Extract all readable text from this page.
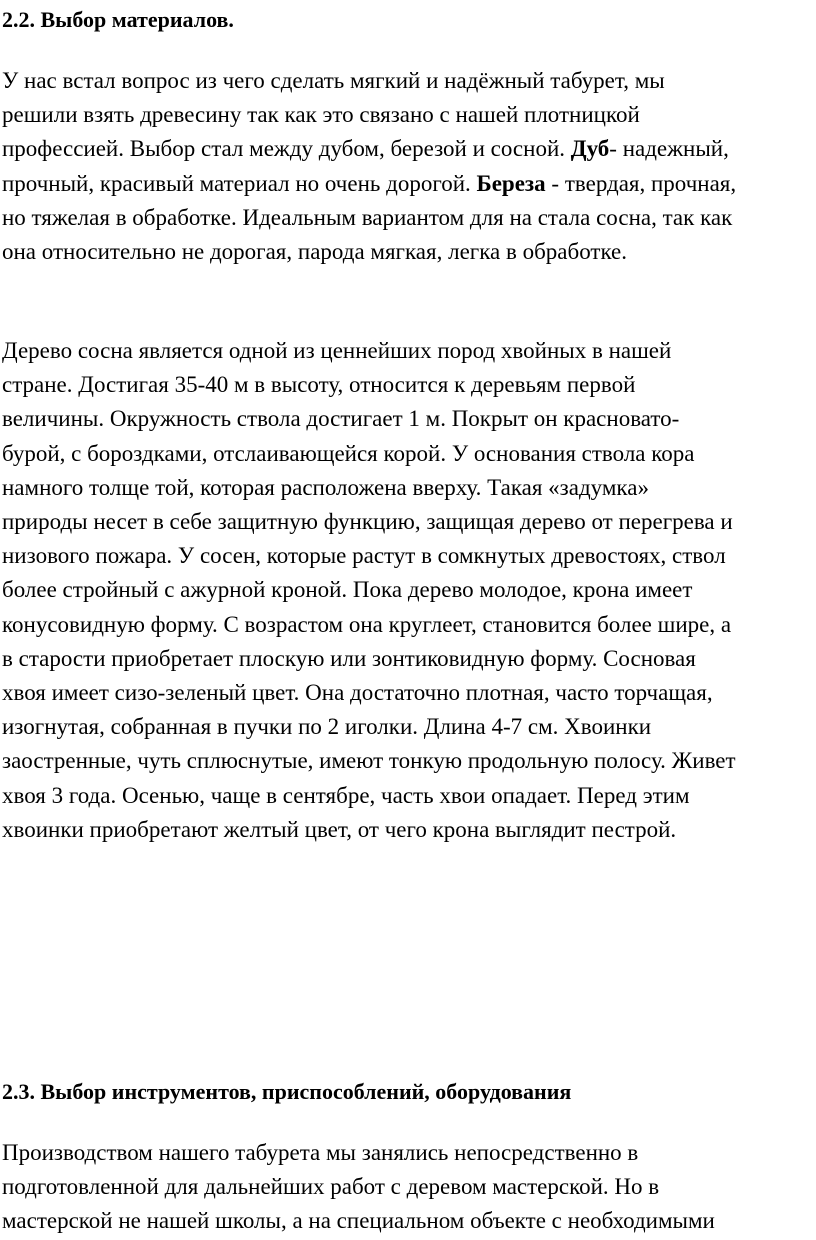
2.2. Выбор материалов.

У нас встал вопрос из чего сделать мягкий и надёжный табурет, мы
решили взять древесину так как это связано с нашей плотницкой
профессией. Выбор стал между дубом, березой и сосной. Дуб- надежный,
прочный, красивый материал но очень дорогой. Береза - твердая, прочная,
но тяжелая в обработке. Идеальным вариантом для на стала сосна, так как
она относительно не дорогая, парода мягкая, легка в обработке.

Дерево сосна является одной из ценнейших пород хвойных в нашей
стране. Достигая 35-40 м в высоту, относится к деревьям первой
величины. Окружность ствола достигает 1 м. Покрыт он красновато-
бурой, с бороздками, отслаивающейся корой. У основания ствола кора
намного толще той, которая расположена вверху. Такая «задумка»
природы несет в себе защитную функцию, защищая дерево от перегрева и
низового пожара. У сосен, которые растут в сомкнутых древостоях, ствол
более стройный с ажурной кроной. Пока дерево молодое, крона имеет
конусовидную форму. С возрастом она круглеет, становится более шире, а
в старости приобретает плоскую или зонтиковидную форму. Сосновая
хвоя имеет сизо-зеленый цвет. Она достаточно плотная, часто торчащая,
изогнутая, собранная в пучки по 2 иголки. Длина 4-7 см. Хвоинки
заостренные, чуть сплюснутые, имеют тонкую продольную полосу. Живет
хвоя 3 года. Осенью, чаще в сентябре, часть хвои опадает. Перед этим
хвоинки приобретают желтый цвет, от чего крона выглядит пестрой.

2.3. Выбор инструментов, приспособлений, оборудования

Производством нашего табурета мы занялись непосредственно в
подготовленной для дальнейших работ с деревом мастерской. Но в
мастерской не нашей школы, а на специальном объекте с необходимыми
